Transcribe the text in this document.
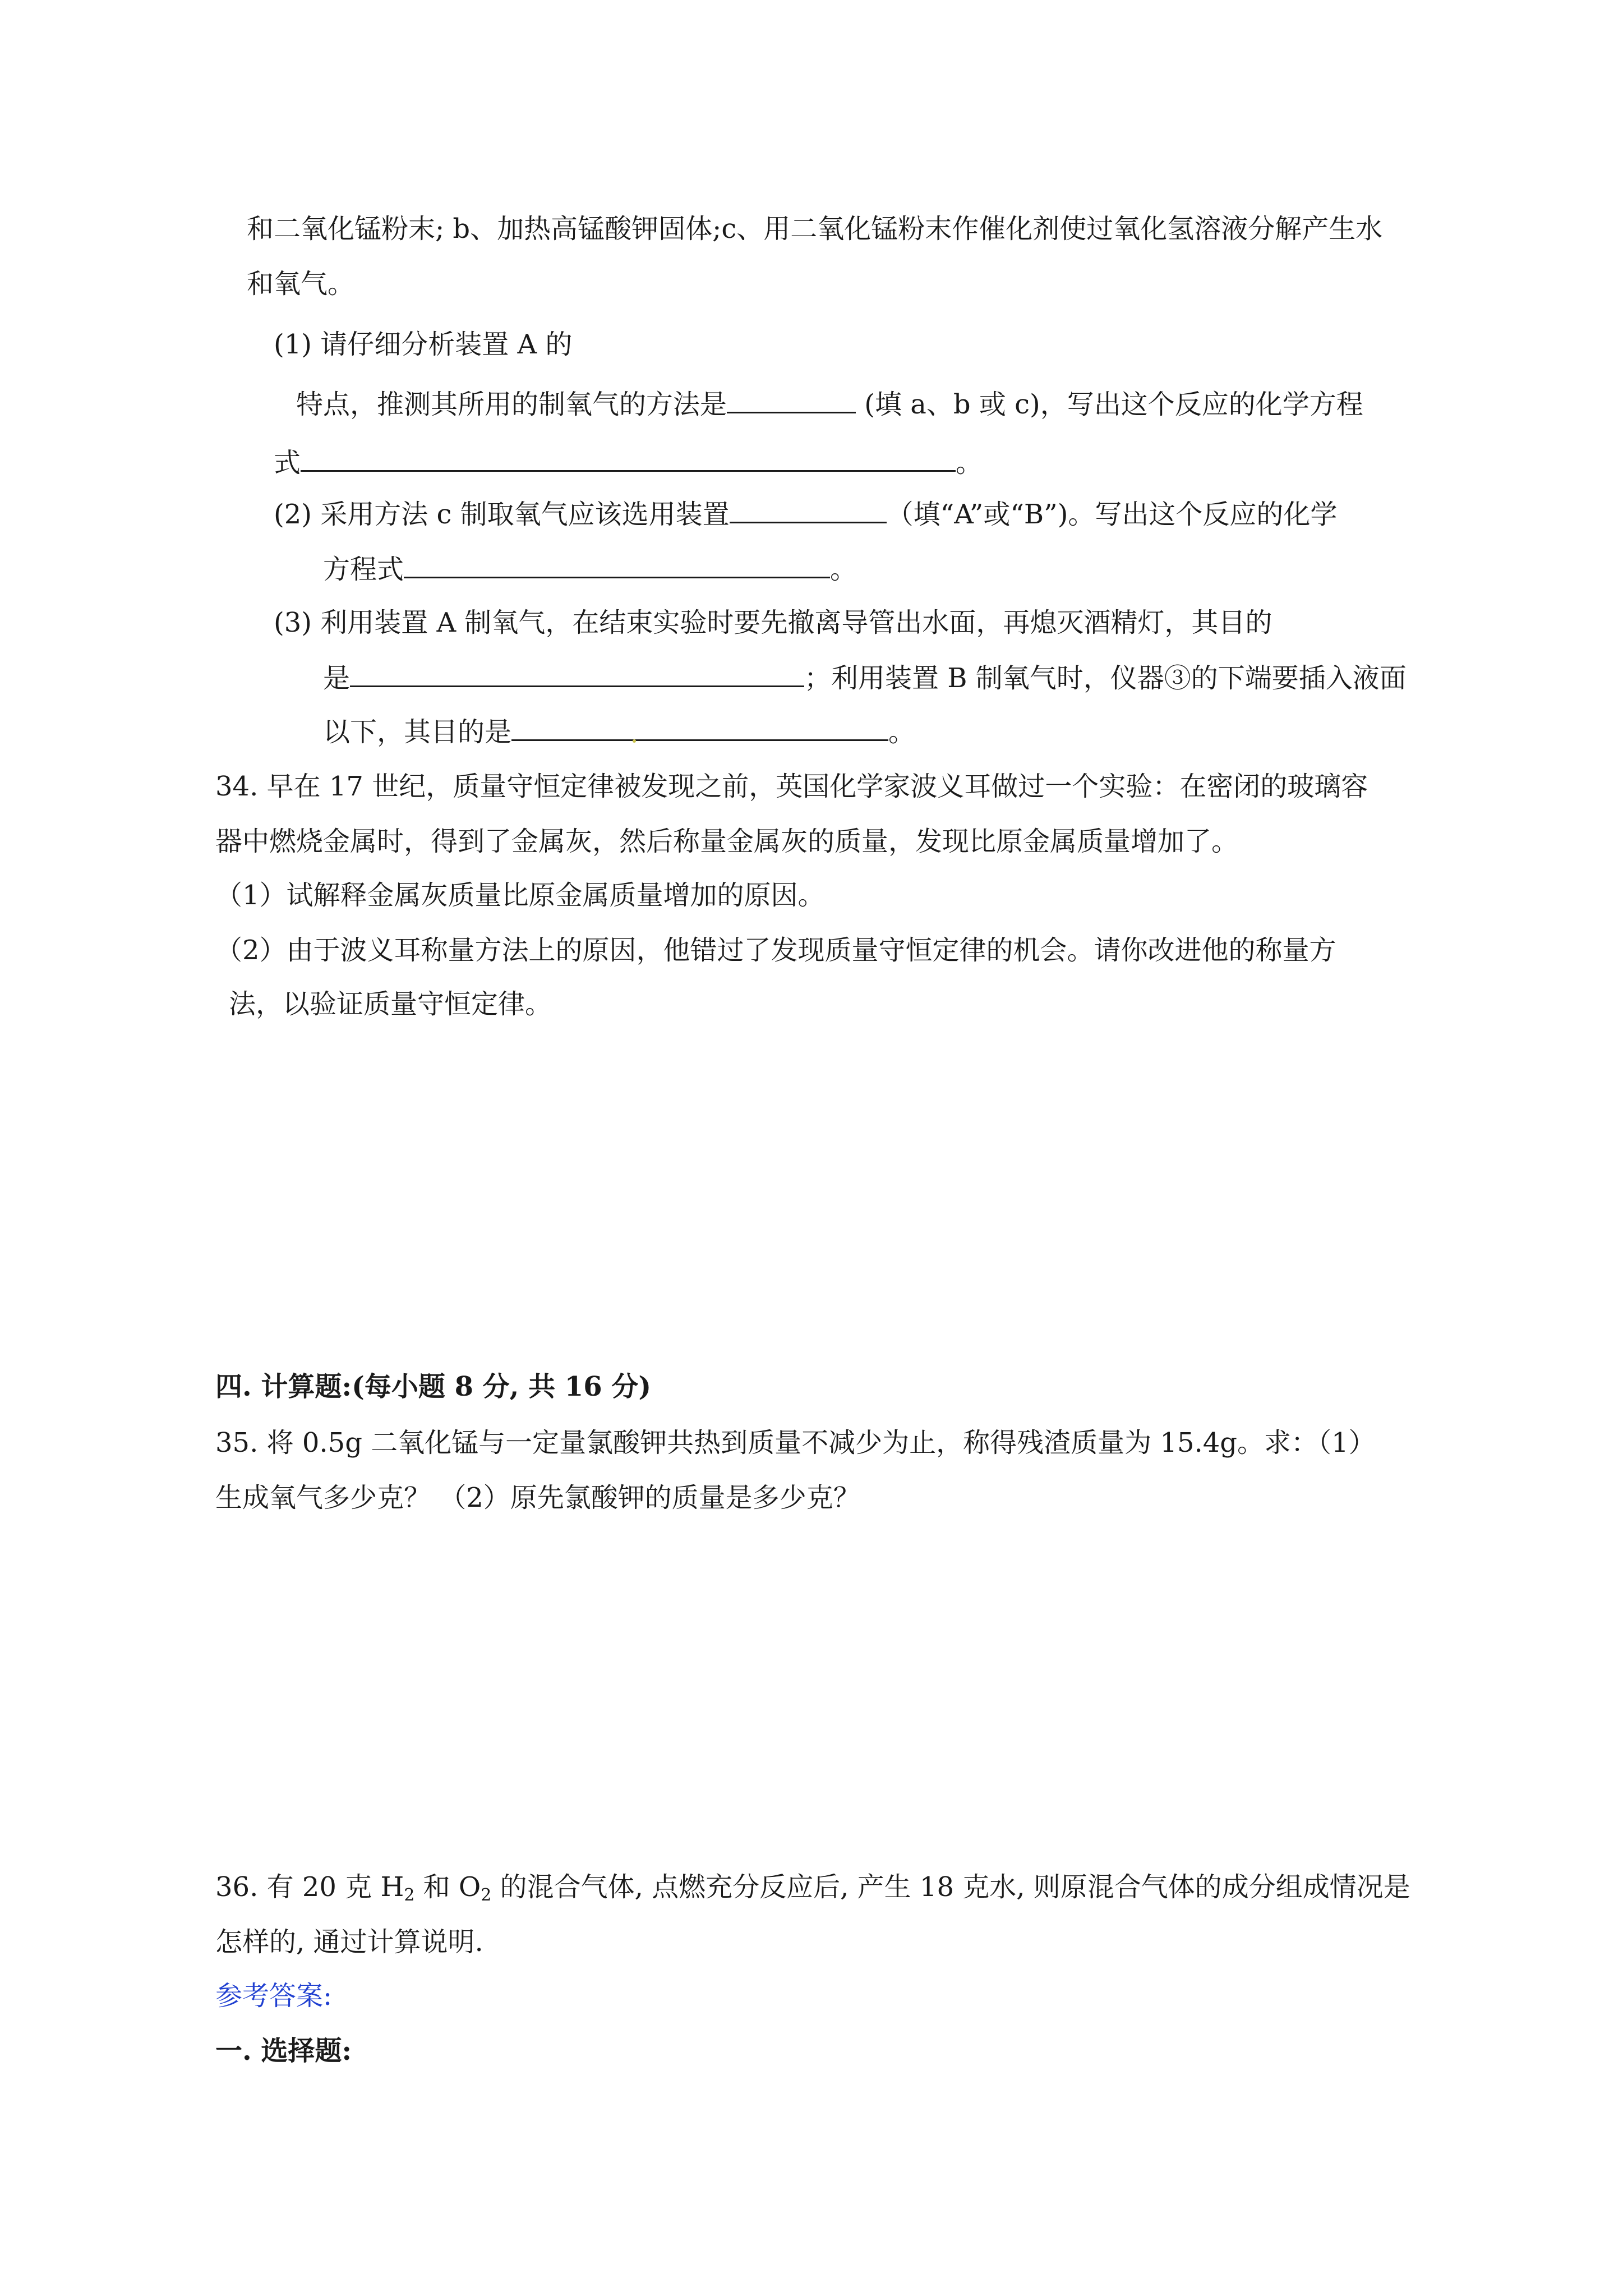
和二氧化锰粉末; b、加热高锰酸钾固体;c、用二氧化锰粉末作催化剂使过氧化氢溶液分解产生水
和氧气。
(1) 请仔细分析装置 A 的
特点，推测其所用的制氧气的方法是	(填 a、b 或 c)，写出这个反应的化学方程
式	。
(2) 采用方法 c 制取氧气应该选用装置	（填“A”或“B”)。写出这个反应的化学
方程式	。
(3) 利用装置 A 制氧气，在结束实验时要先撤离导管出水面，再熄灭酒精灯，其目的
是	；利用装置 B 制氧气时，仪器③的下端要插入液面
以下，其目的是	。
34. 早在 17 世纪，质量守恒定律被发现之前，英国化学家波义耳做过一个实验：在密闭的玻璃容
器中燃烧金属时，得到了金属灰，然后称量金属灰的质量，发现比原金属质量增加了。
（1）试解释金属灰质量比原金属质量增加的原因。
（2）由于波义耳称量方法上的原因，他错过了发现质量守恒定律的机会。请你改进他的称量方
法，以验证质量守恒定律。
四. 计算题:(每小题 8 分, 共 16 分)
35. 将 0.5g 二氧化锰与一定量氯酸钾共热到质量不减少为止，称得残渣质量为 15.4g。求：（1）
生成氧气多少克？ （2）原先氯酸钾的质量是多少克？
36. 有 20 克 $H_2$ 和 $O_2$ 的混合气体, 点燃充分反应后, 产生 18 克水, 则原混合气体的成分组成情况是
怎样的, 通过计算说明.
参考答案:
一. 选择题:
